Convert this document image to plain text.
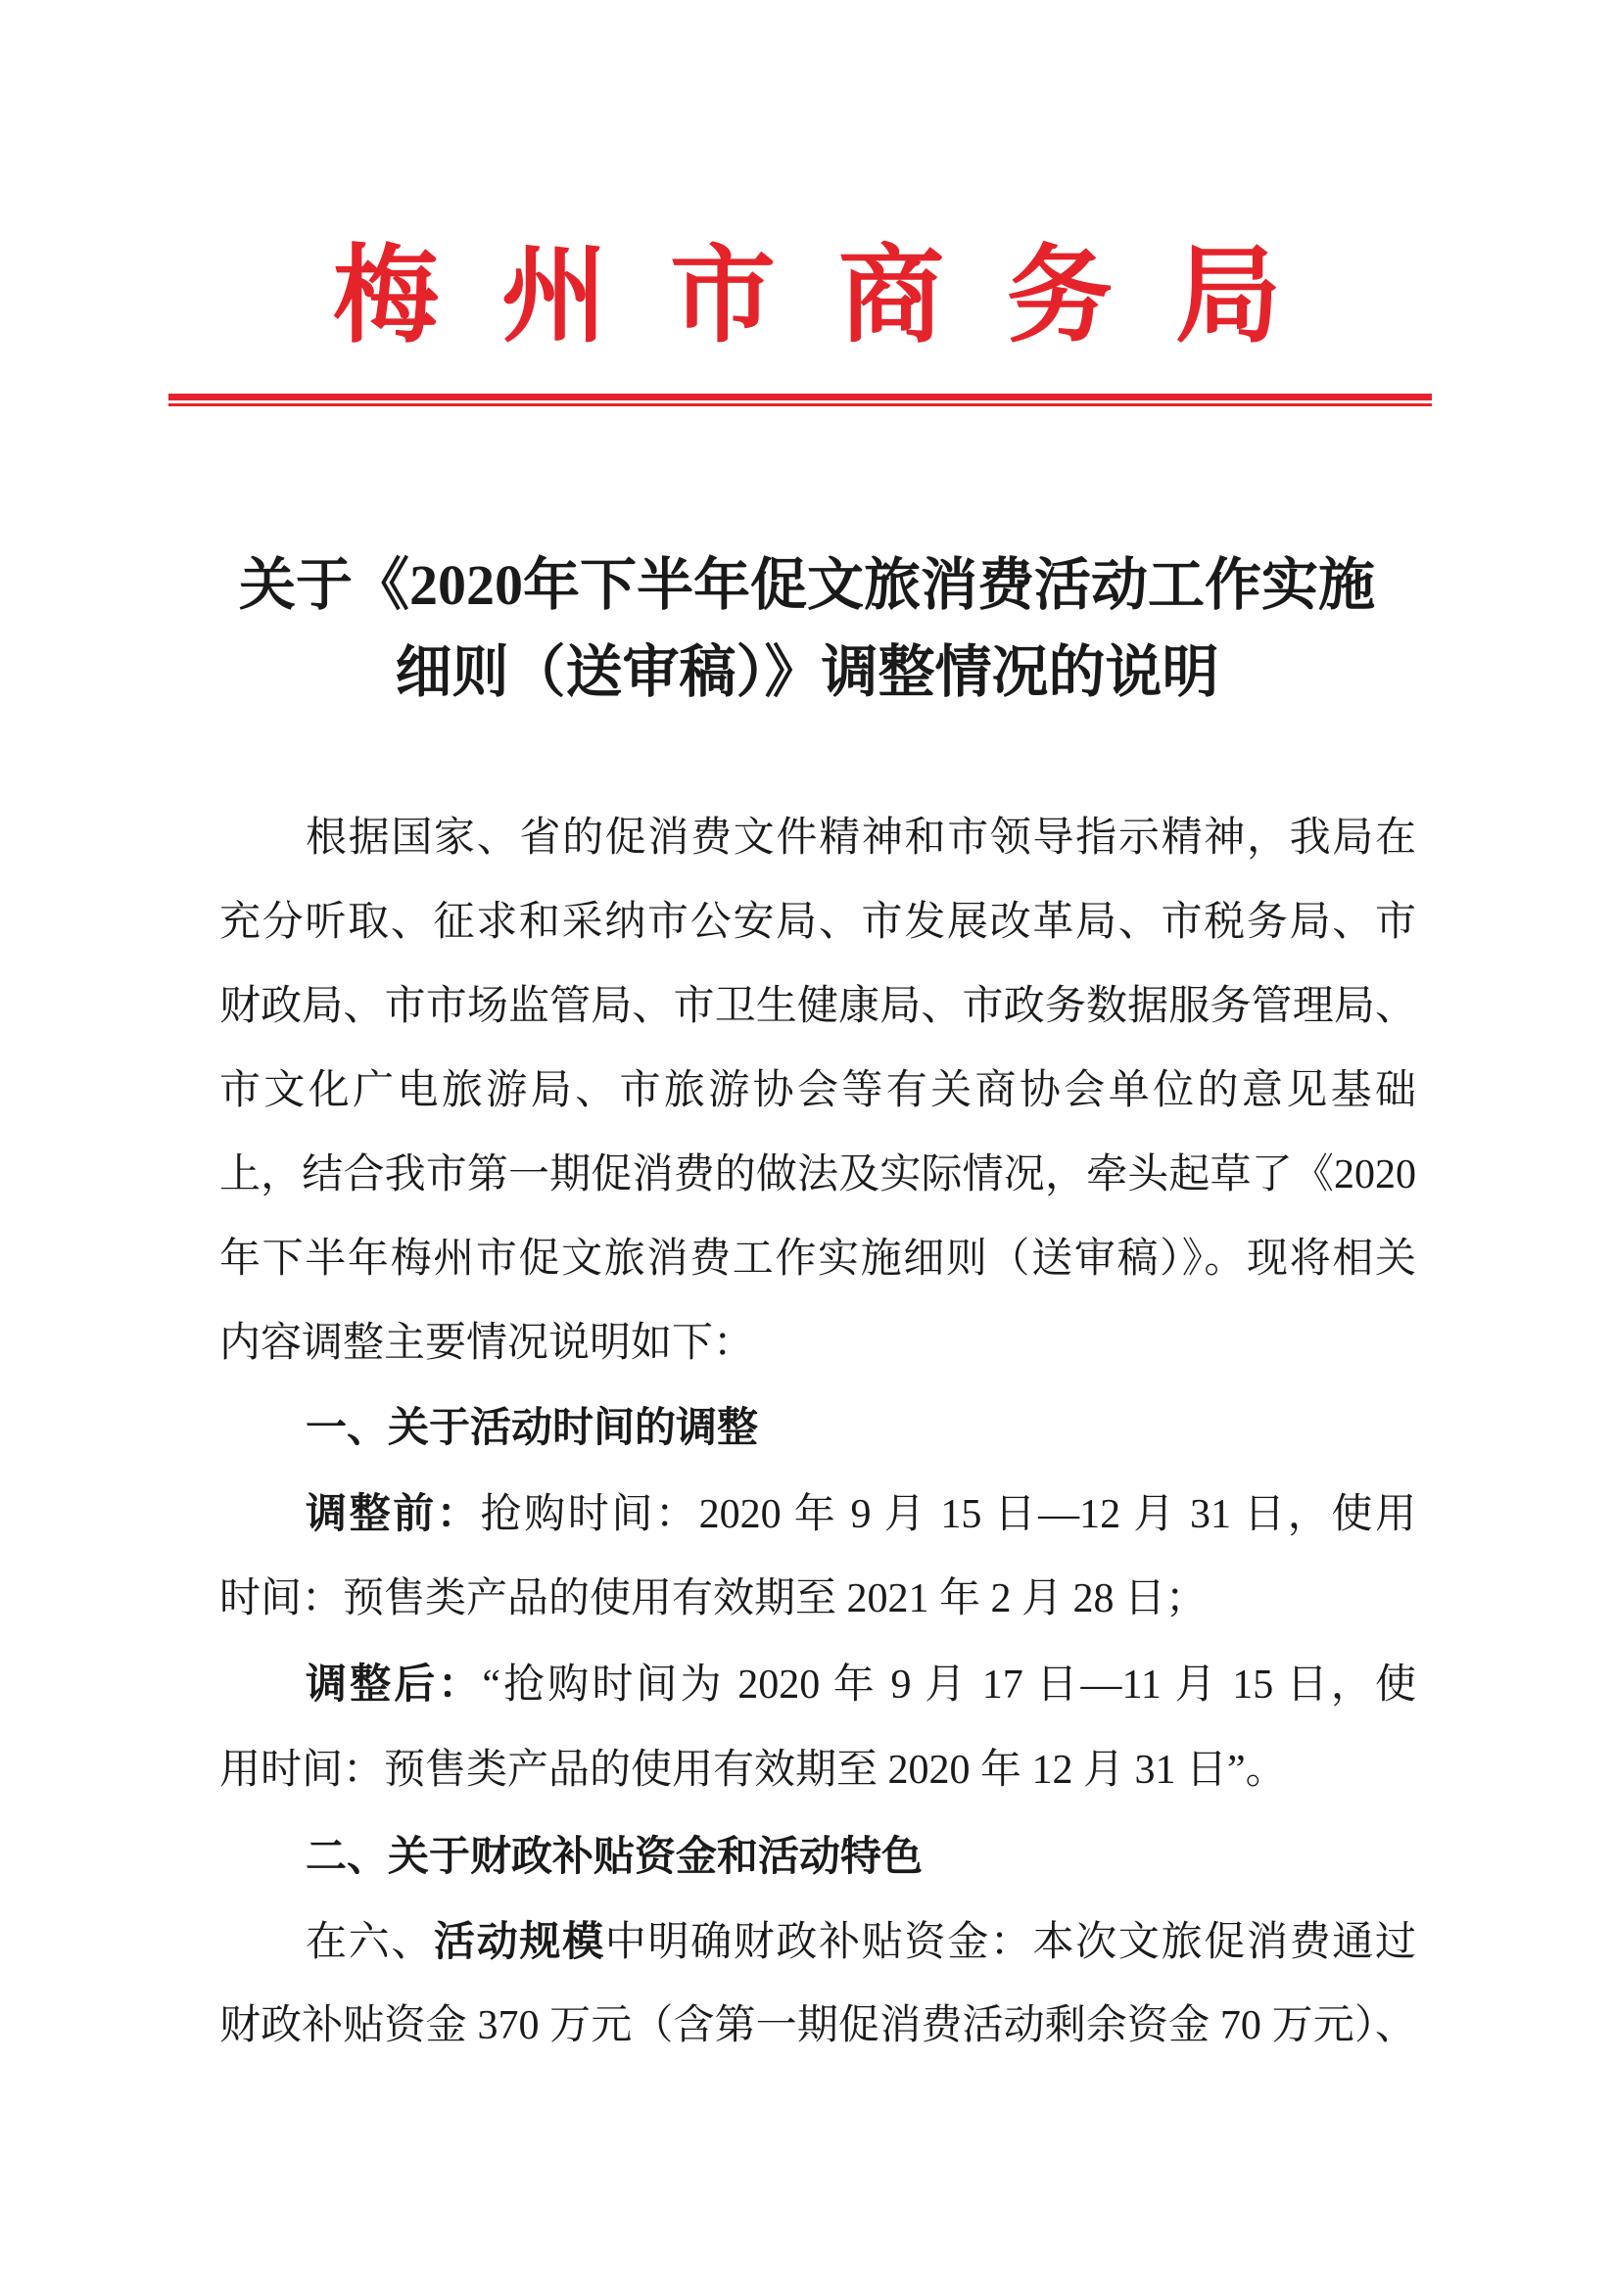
梅州市商务局
关于《2020年下半年促文旅消费活动工作实施
细则（送审稿）》调整情况的说明
根据国家、省的促消费文件精神和市领导指示精神，我局在
充分听取、征求和采纳市公安局、市发展改革局、市税务局、市
财政局、市市场监管局、市卫生健康局、市政务数据服务管理局、
市文化广电旅游局、市旅游协会等有关商协会单位的意见基础
上，结合我市第一期促消费的做法及实际情况，牵头起草了《2020
年下半年梅州市促文旅消费工作实施细则（送审稿）》。现将相关
内容调整主要情况说明如下：
一、关于活动时间的调整
调整前：抢购时间：2020 年 9 月 15 日—12 月 31 日，使用
时间：预售类产品的使用有效期至 2021 年 2 月 28 日；
调整后：“抢购时间为 2020 年 9 月 17 日—11 月 15 日，使
用时间：预售类产品的使用有效期至 2020 年 12 月 31 日”。
二、关于财政补贴资金和活动特色
在六、活动规模中明确财政补贴资金：本次文旅促消费通过
财政补贴资金 370 万元（含第一期促消费活动剩余资金 70 万元）、
